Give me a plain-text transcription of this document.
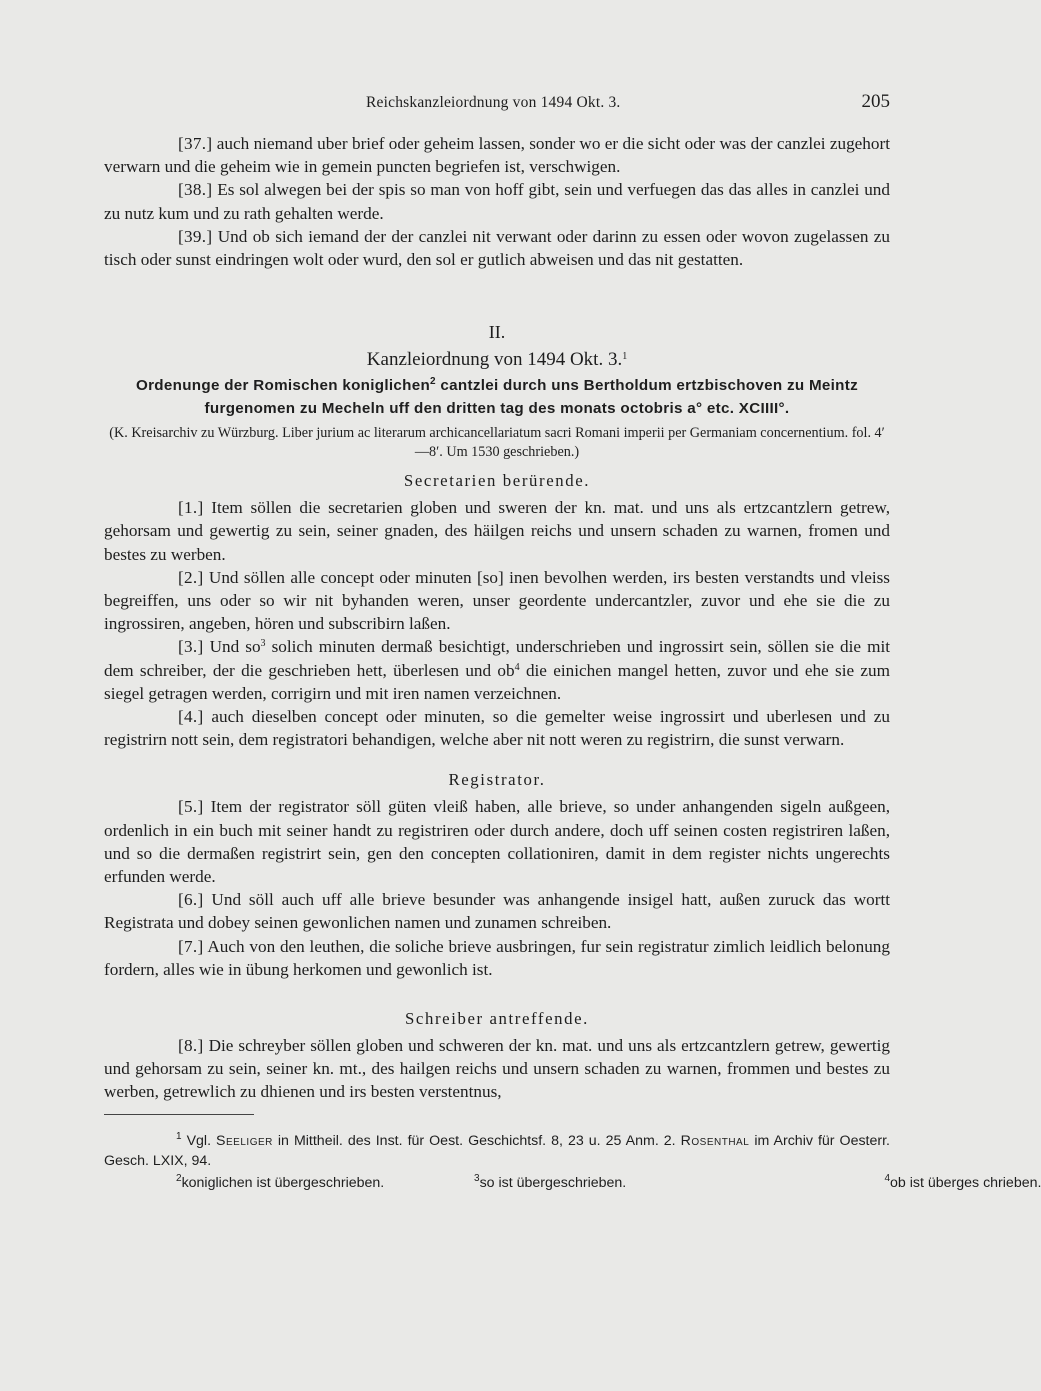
Reichskanzleiordnung von 1494 Okt. 3.	205

[37.] auch niemand uber brief oder geheim lassen, sonder wo er die sicht oder was der canzlei zugehort verwarn und die geheim wie in gemein puncten begriefen ist, verschwigen.

[38.] Es sol alwegen bei der spis so man von hoff gibt, sein und verfuegen das das alles in canzlei und zu nutz kum und zu rath gehalten werde.

[39.] Und ob sich iemand der der canzlei nit verwant oder darinn zu essen oder wovon zugelassen zu tisch oder sunst eindringen wolt oder wurd, den sol er gutlich abweisen und das nit gestatten.

II.
Kanzleiordnung von 1494 Okt. 3.$^1$
Ordenunge der Romischen koniglichen$^2$ cantzlei durch uns Bertholdum ertzbischoven zu Meintz furgenomen zu Mecheln uff den dritten tag des monats octobris a° etc. XCIIII°.
(K. Kreisarchiv zu Würzburg. Liber jurium ac literarum archicancellariatum sacri Romani imperii per Germaniam concernentium. fol. 4′—8′. Um 1530 geschrieben.)
Secretarien berürende.

[1.] Item söllen die secretarien globen und sweren der kn. mat. und uns als ertzcantzlern getrew, gehorsam und gewertig zu sein, seiner gnaden, des häilgen reichs und unsern schaden zu warnen, fromen und bestes zu werben.

[2.] Und söllen alle concept oder minuten [so] inen bevolhen werden, irs besten verstandts und vleiss begreiffen, uns oder so wir nit byhanden weren, unser geordente undercantzler, zuvor und ehe sie die zu ingrossiren, angeben, hören und subscribirn laßen.

[3.] Und $so^3$ solich minuten dermaß besichtigt, underschrieben und ingrossirt sein, söllen sie die mit dem schreiber, der die geschrieben hett, überlesen und $ob^4$ die einichen mangel hetten, zuvor und ehe sie zum siegel getragen werden, corrigirn und mit iren namen verzeichnen.

[4.] auch dieselben concept oder minuten, so die gemelter weise ingrossirt und uberlesen und zu registrirn nott sein, dem registratori behandigen, welche aber nit nott weren zu registrirn, die sunst verwarn.

Registrator.

[5.] Item der registrator söll güten vleiß haben, alle brieve, so under anhangenden sigeln außgeen, ordenlich in ein buch mit seiner handt zu registriren oder durch andere, doch uff seinen costen registriren laßen, und so die dermaßen registrirt sein, gen den concepten collationiren, damit in dem register nichts ungerechts erfunden werde.

[6.] Und söll auch uff alle brieve besunder was anhangende insigel hatt, außen zuruck das wortt Registrata und dobey seinen gewonlichen namen und zunamen schreiben.

[7.] Auch von den leuthen, die soliche brieve ausbringen, fur sein registratur zimlich leidlich belonung fordern, alles wie in übung herkomen und gewonlich ist.

Schreiber antreffende.

[8.] Die schreyber söllen globen und schweren der kn. mat. und uns als ertzcantzlern getrew, gewertig und gehorsam zu sein, seiner kn. mt., des hailgen reichs und unsern schaden zu warnen, frommen und bestes zu werben, getrewlich zu dhienen und irs besten verstentnus,

$^1$ Vgl. Seeliger in Mittheil. des Inst. für Oest. Geschichtsf. 8, 23 u. 25 Anm. 2. Rosenthal im Archiv für Oesterr. Gesch. LXIX, 94.

$^2$ koniglichen ist übergeschrieben.	$^3$ so ist übergeschrieben.	$^4$ ob ist überges chrieben.
